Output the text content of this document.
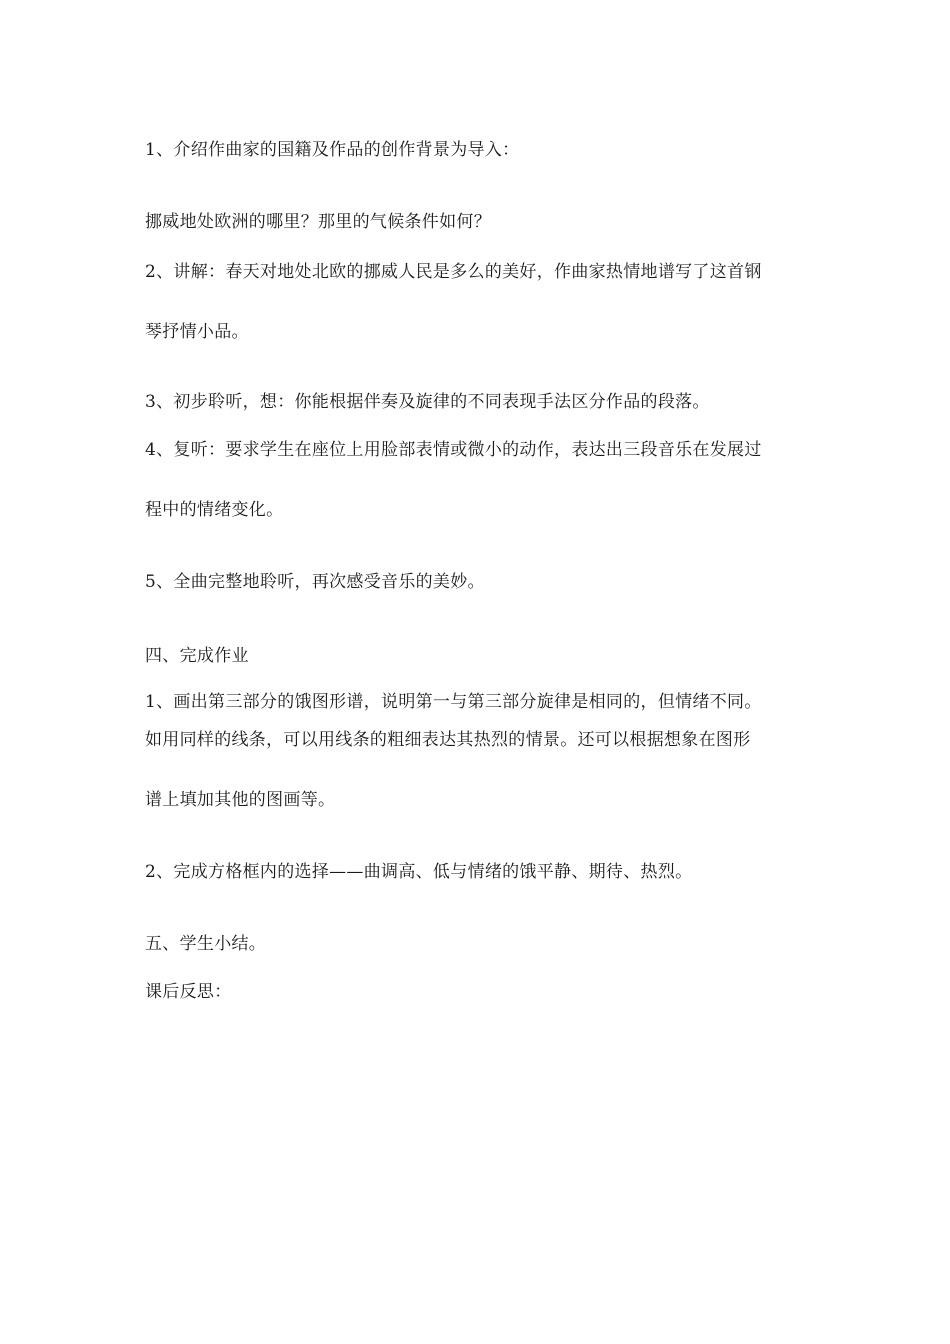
1、介绍作曲家的国籍及作品的创作背景为导入：
挪威地处欧洲的哪里？那里的气候条件如何？
2、讲解：春天对地处北欧的挪威人民是多么的美好，作曲家热情地谱写了这首钢
琴抒情小品。
3、初步聆听，想：你能根据伴奏及旋律的不同表现手法区分作品的段落。
4、复听：要求学生在座位上用脸部表情或微小的动作，表达出三段音乐在发展过
程中的情绪变化。
5、全曲完整地聆听，再次感受音乐的美妙。
四、完成作业
1、画出第三部分的饿图形谱，说明第一与第三部分旋律是相同的，但情绪不同。
如用同样的线条，可以用线条的粗细表达其热烈的情景。还可以根据想象在图形
谱上填加其他的图画等。
2、完成方格框内的选择——曲调高、低与情绪的饿平静、期待、热烈。
五、学生小结。
课后反思：
